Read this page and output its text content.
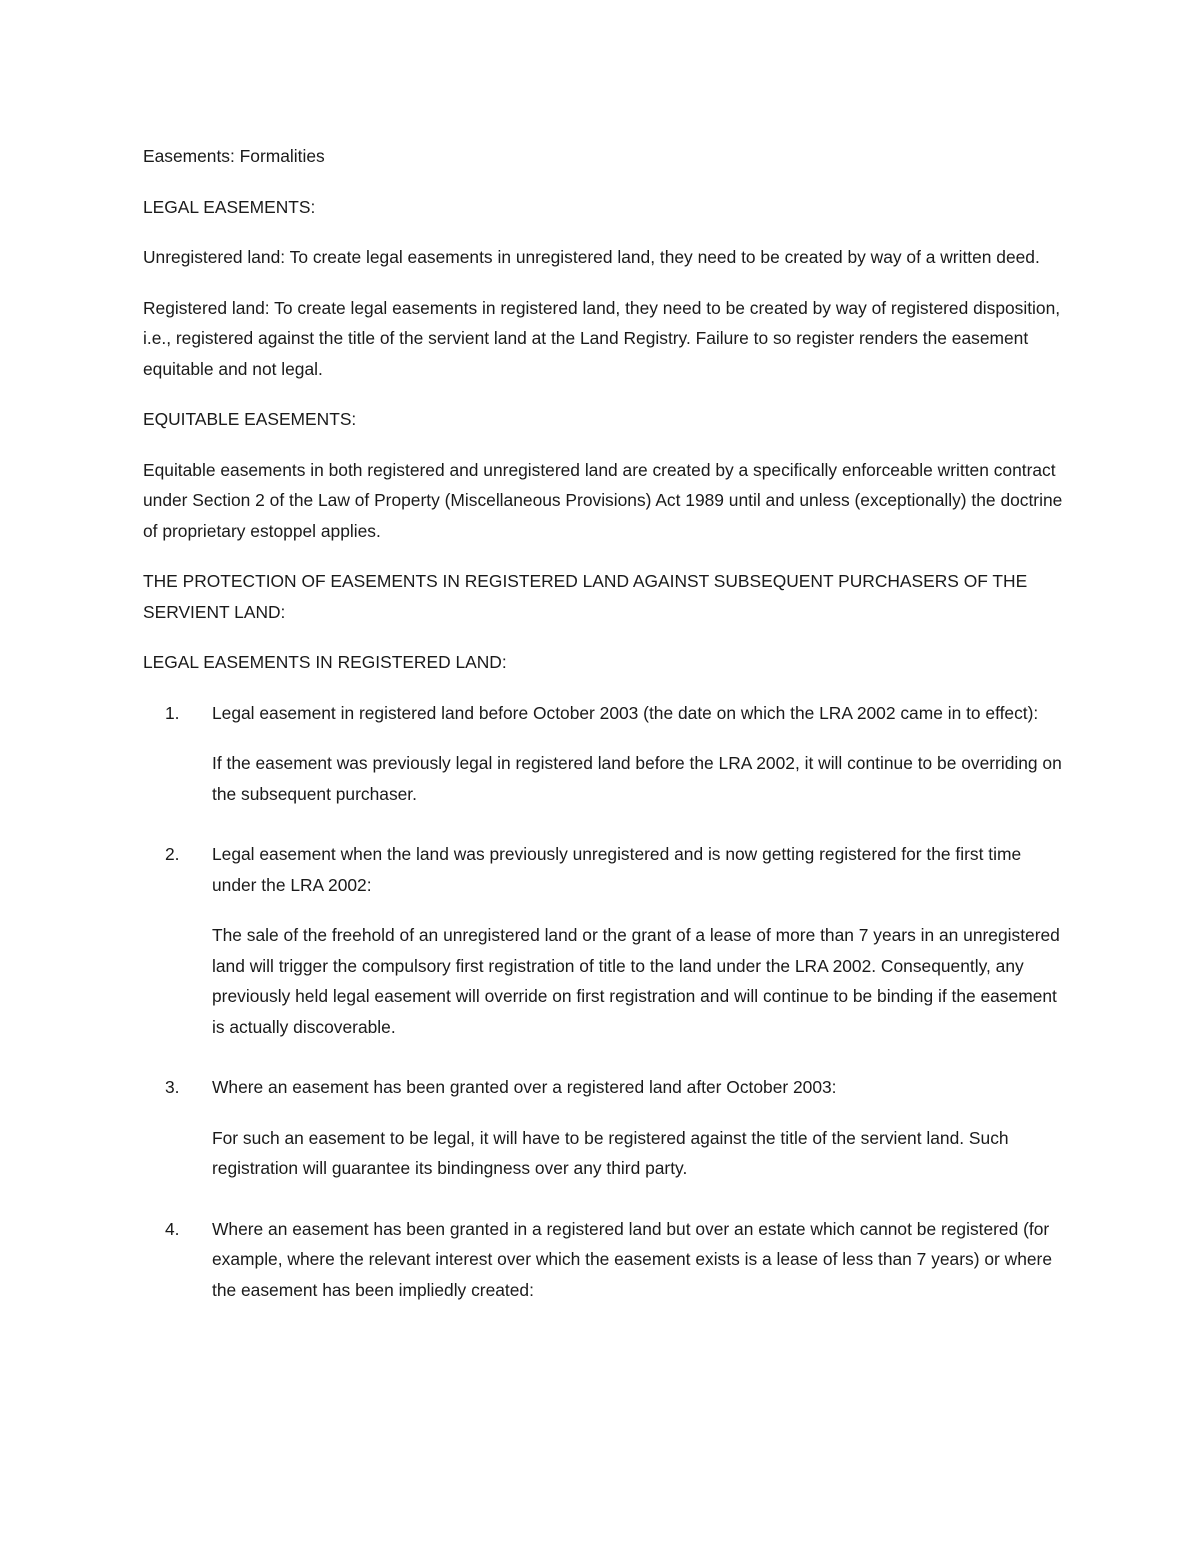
Easements: Formalities

LEGAL EASEMENTS:

Unregistered land: To create legal easements in unregistered land, they need to be created by way of a written deed.

Registered land: To create legal easements in registered land, they need to be created by way of registered disposition, i.e., registered against the title of the servient land at the Land Registry. Failure to so register renders the easement equitable and not legal.

EQUITABLE EASEMENTS:

Equitable easements in both registered and unregistered land are created by a specifically enforceable written contract under Section 2 of the Law of Property (Miscellaneous Provisions) Act 1989 until and unless (exceptionally) the doctrine of proprietary estoppel applies.

THE PROTECTION OF EASEMENTS IN REGISTERED LAND AGAINST SUBSEQUENT PURCHASERS OF THE SERVIENT LAND:

LEGAL EASEMENTS IN REGISTERED LAND:

1. Legal easement in registered land before October 2003 (the date on which the LRA 2002 came in to effect):
If the easement was previously legal in registered land before the LRA 2002, it will continue to be overriding on the subsequent purchaser.
2. Legal easement when the land was previously unregistered and is now getting registered for the first time under the LRA 2002:
The sale of the freehold of an unregistered land or the grant of a lease of more than 7 years in an unregistered land will trigger the compulsory first registration of title to the land under the LRA 2002. Consequently, any previously held legal easement will override on first registration and will continue to be binding if the easement is actually discoverable.
3. Where an easement has been granted over a registered land after October 2003:
For such an easement to be legal, it will have to be registered against the title of the servient land. Such registration will guarantee its bindingness over any third party.
4. Where an easement has been granted in a registered land but over an estate which cannot be registered (for example, where the relevant interest over which the easement exists is a lease of less than 7 years) or where the easement has been impliedly created:
